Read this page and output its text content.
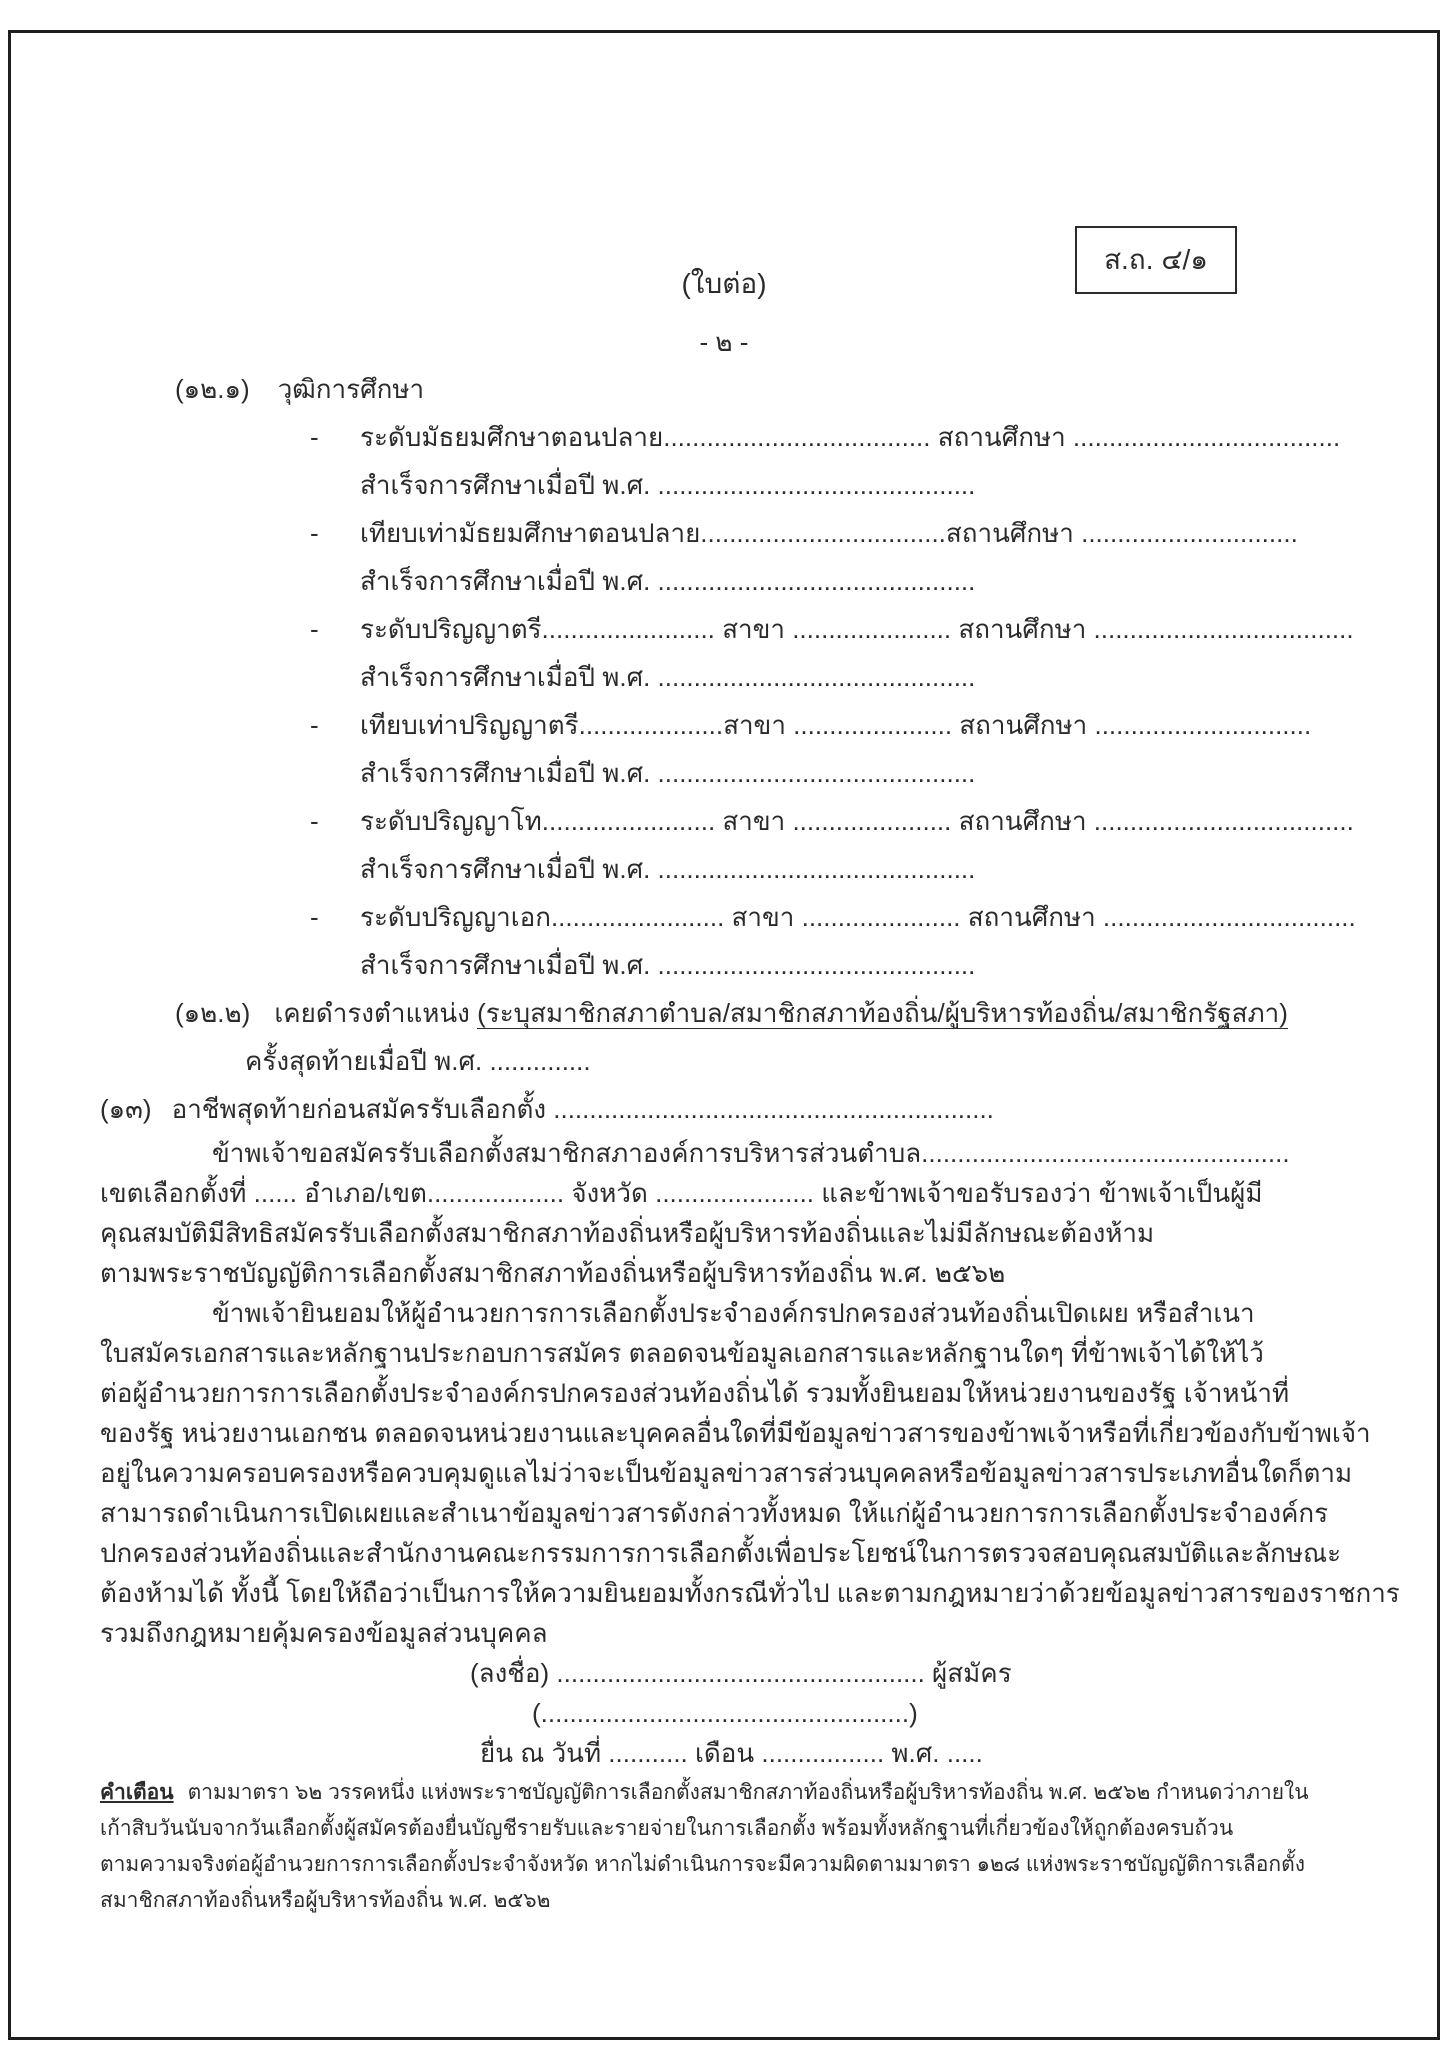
ส.ถ. ๔/๑
(ใบต่อ)
- ๒ -
(๑๒.๑) วุฒิการศึกษา
- ระดับมัธยมศึกษาตอนปลาย..................................... สถานศึกษา .....................................
สำเร็จการศึกษาเมื่อปี พ.ศ. ............................................
- เทียบเท่ามัธยมศึกษาตอนปลาย..................................สถานศึกษา ..............................
สำเร็จการศึกษาเมื่อปี พ.ศ. ............................................
- ระดับปริญญาตรี........................ สาขา ...................... สถานศึกษา ....................................
สำเร็จการศึกษาเมื่อปี พ.ศ. ............................................
- เทียบเท่าปริญญาตรี....................สาขา ...................... สถานศึกษา ..............................
สำเร็จการศึกษาเมื่อปี พ.ศ. ............................................
- ระดับปริญญาโท........................ สาขา ...................... สถานศึกษา ....................................
สำเร็จการศึกษาเมื่อปี พ.ศ. ............................................
- ระดับปริญญาเอก........................ สาขา ...................... สถานศึกษา ...................................
สำเร็จการศึกษาเมื่อปี พ.ศ. ............................................
(๑๒.๒) เคยดำรงตำแหน่ง (ระบุสมาชิกสภาตำบล/สมาชิกสภาท้องถิ่น/ผู้บริหารท้องถิ่น/สมาชิกรัฐสภา)
ครั้งสุดท้ายเมื่อปี พ.ศ. ..............
(๑๓) อาชีพสุดท้ายก่อนสมัครรับเลือกตั้ง .............................................................
ข้าพเจ้าขอสมัครรับเลือกตั้งสมาชิกสภาองค์การบริหารส่วนตำบล...................................................
เขตเลือกตั้งที่ ...... อำเภอ/เขต................... จังหวัด ...................... และข้าพเจ้าขอรับรองว่า ข้าพเจ้าเป็นผู้มี
คุณสมบัติมีสิทธิสมัครรับเลือกตั้งสมาชิกสภาท้องถิ่นหรือผู้บริหารท้องถิ่นและไม่มีลักษณะต้องห้าม
ตามพระราชบัญญัติการเลือกตั้งสมาชิกสภาท้องถิ่นหรือผู้บริหารท้องถิ่น พ.ศ. ๒๕๖๒
ข้าพเจ้ายินยอมให้ผู้อำนวยการการเลือกตั้งประจำองค์กรปกครองส่วนท้องถิ่นเปิดเผย หรือสำเนา
ใบสมัครเอกสารและหลักฐานประกอบการสมัคร ตลอดจนข้อมูลเอกสารและหลักฐานใดๆ ที่ข้าพเจ้าได้ให้ไว้
ต่อผู้อำนวยการการเลือกตั้งประจำองค์กรปกครองส่วนท้องถิ่นได้ รวมทั้งยินยอมให้หน่วยงานของรัฐ เจ้าหน้าที่
ของรัฐ หน่วยงานเอกชน ตลอดจนหน่วยงานและบุคคลอื่นใดที่มีข้อมูลข่าวสารของข้าพเจ้าหรือที่เกี่ยวข้องกับข้าพเจ้า
อยู่ในความครอบครองหรือควบคุมดูแลไม่ว่าจะเป็นข้อมูลข่าวสารส่วนบุคคลหรือข้อมูลข่าวสารประเภทอื่นใดก็ตาม
สามารถดำเนินการเปิดเผยและสำเนาข้อมูลข่าวสารดังกล่าวทั้งหมด ให้แก่ผู้อำนวยการการเลือกตั้งประจำองค์กร
ปกครองส่วนท้องถิ่นและสำนักงานคณะกรรมการการเลือกตั้งเพื่อประโยชน์ในการตรวจสอบคุณสมบัติและลักษณะ
ต้องห้ามได้ ทั้งนี้ โดยให้ถือว่าเป็นการให้ความยินยอมทั้งกรณีทั่วไป และตามกฎหมายว่าด้วยข้อมูลข่าวสารของราชการ
รวมถึงกฎหมายคุ้มครองข้อมูลส่วนบุคคล
(ลงชื่อ) ................................................... ผู้สมัคร
(...................................................)
ยื่น ณ วันที่ ........... เดือน ................. พ.ศ. .....
คำเตือน ตามมาตรา ๖๒ วรรคหนึ่ง แห่งพระราชบัญญัติการเลือกตั้งสมาชิกสภาท้องถิ่นหรือผู้บริหารท้องถิ่น พ.ศ. ๒๕๖๒ กำหนดว่าภายใน
เก้าสิบวันนับจากวันเลือกตั้งผู้สมัครต้องยื่นบัญชีรายรับและรายจ่ายในการเลือกตั้ง พร้อมทั้งหลักฐานที่เกี่ยวข้องให้ถูกต้องครบถ้วน
ตามความจริงต่อผู้อำนวยการการเลือกตั้งประจำจังหวัด หากไม่ดำเนินการจะมีความผิดตามมาตรา ๑๒๘ แห่งพระราชบัญญัติการเลือกตั้ง
สมาชิกสภาท้องถิ่นหรือผู้บริหารท้องถิ่น พ.ศ. ๒๕๖๒
